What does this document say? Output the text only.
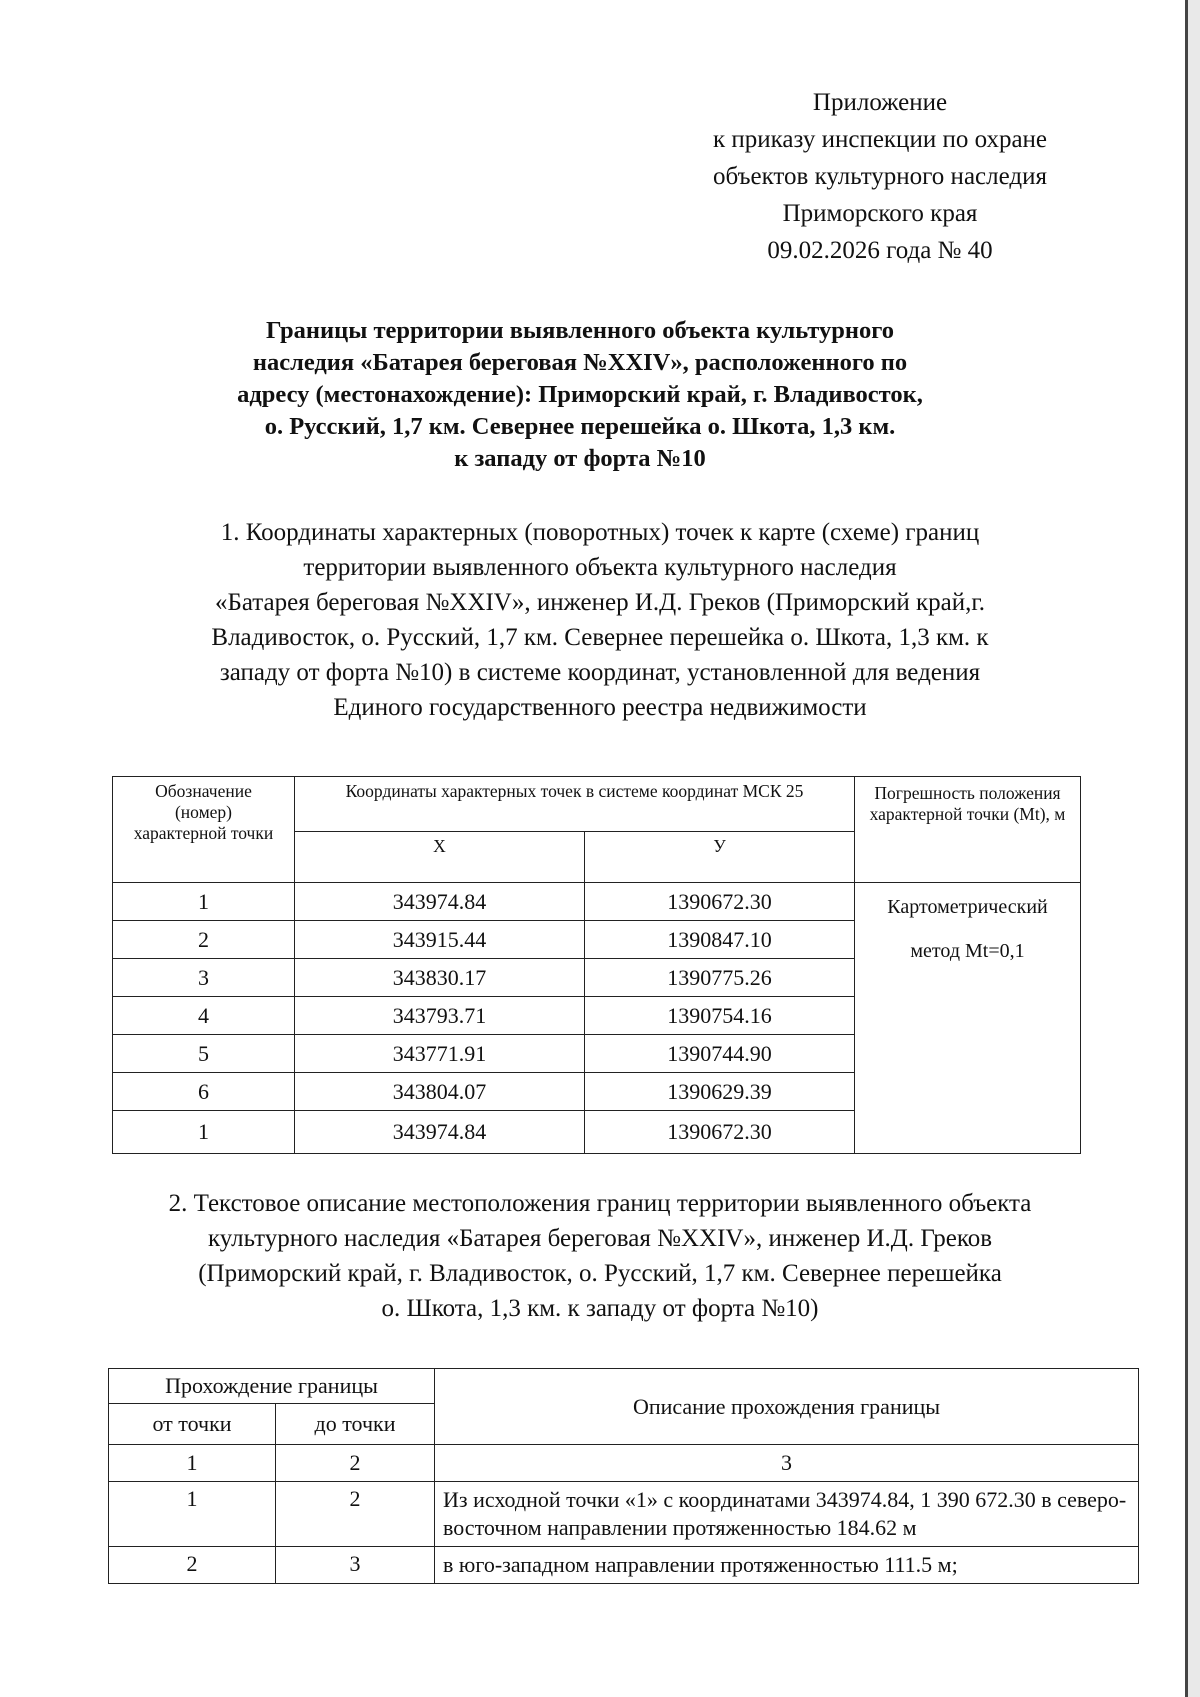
Приложение
к приказу инспекции по охране
объектов культурного наследия
Приморского края
09.02.2026 года № 40
Границы территории выявленного объекта культурного
наследия «Батарея береговая №XXIV», расположенного по
адресу (местонахождение): Приморский край, г. Владивосток,
о. Русский, 1,7 км. Севернее перешейка о. Шкота, 1,3 км.
к западу от форта №10
1. Координаты характерных (поворотных) точек к карте (схеме) границ
территории выявленного объекта культурного наследия
«Батарея береговая №XXIV», инженер И.Д. Греков (Приморский край,г.
Владивосток, о. Русский, 1,7 км. Севернее перешейка о. Шкота, 1,3 км. к
западу от форта №10) в системе координат, установленной для ведения
Единого государственного реестра недвижимости
Обозначение (номер) характерной точки	Координаты характерных точек в системе координат МСК 25		Погрешность положения характерной точки (Mt), м
	Х	У	
1	343974.84	1390672.30	Картометрический
метод Mt=0,1

2	343915.44	1390847.10	
3	343830.17	1390775.26	
4	343793.71	1390754.16	
5	343771.91	1390744.90	
6	343804.07	1390629.39	
1	343974.84	1390672.30	
2. Текстовое описание местоположения границ территории выявленного объекта
культурного наследия «Батарея береговая №XXIV», инженер И.Д. Греков
(Приморский край, г. Владивосток, о. Русский, 1,7 км. Севернее перешейка
о. Шкота, 1,3 км. к западу от форта №10)
Прохождение границы		Описание прохождения границы
от точки	до точки	
1	2	3
1	2	Из исходной точки «1» с координатами 343974.84, 1 390 672.30 в северо-восточном направлении протяженностью 184.62 м
2	3	в юго-западном направлении протяженностью 111.5 м;
